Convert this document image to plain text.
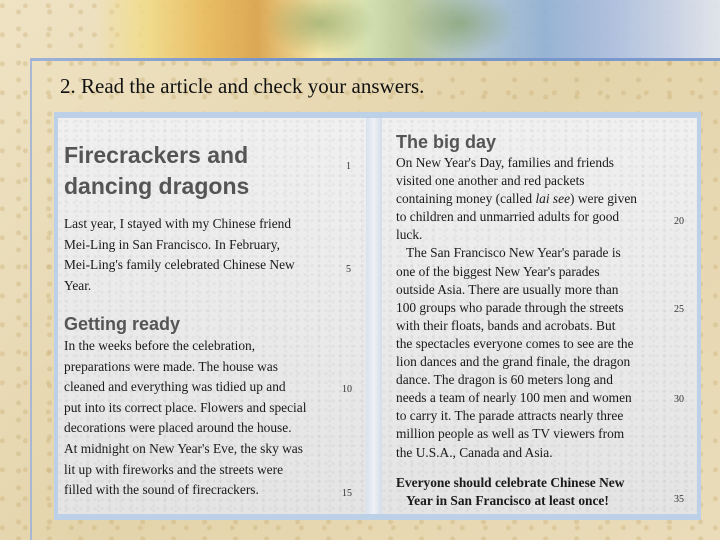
2. Read the article and check your answers.
Firecrackers and
dancing dragons
Last year, I stayed with my Chinese friend
Mei-Ling in San Francisco. In February,
Mei-Ling's family celebrated Chinese New
Year.
Getting ready
In the weeks before the celebration,
preparations were made. The house was
cleaned and everything was tidied up and
put into its correct place. Flowers and special
decorations were placed around the house.
At midnight on New Year's Eve, the sky was
lit up with fireworks and the streets were
filled with the sound of firecrackers.
1
5
10
15
The big day
On New Year's Day, families and friends
visited one another and red packets
containing money (called lai see) were given
to children and unmarried adults for good
luck.
The San Francisco New Year's parade is
one of the biggest New Year's parades
outside Asia. There are usually more than
100 groups who parade through the streets
with their floats, bands and acrobats. But
the spectacles everyone comes to see are the
lion dances and the grand finale, the dragon
dance. The dragon is 60 meters long and
needs a team of nearly 100 men and women
to carry it. The parade attracts nearly three
million people as well as TV viewers from
the U.S.A., Canada and Asia.
Everyone should celebrate Chinese New
Year in San Francisco at least once!
20
25
30
35
